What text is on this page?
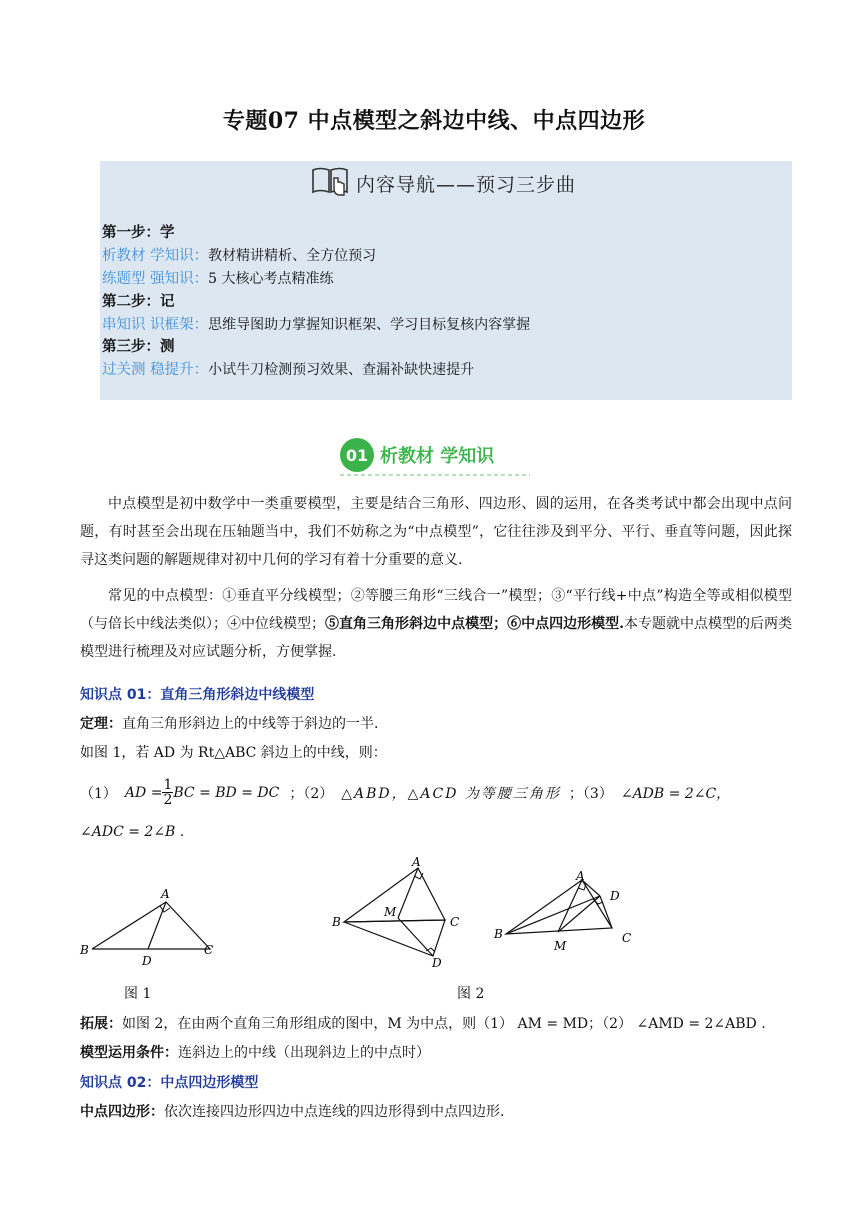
专题07 中点模型之斜边中线、中点四边形
内容导航——预习三步曲
第一步：学
析教材 学知识：教材精讲精析、全方位预习
练题型 强知识：5 大核心考点精准练
第二步：记
串知识 识框架：思维导图助力掌握知识框架、学习目标复核内容掌握
第三步：测
过关测 稳提升：小试牛刀检测预习效果、查漏补缺快速提升
01 析教材 学知识
中点模型是初中数学中一类重要模型，主要是结合三角形、四边形、圆的运用，在各类考试中都会出现中点问题，有时甚至会出现在压轴题当中，我们不妨称之为“中点模型”，它往往涉及到平分、平行、垂直等问题，因此探寻这类问题的解题规律对初中几何的学习有着十分重要的意义.
常见的中点模型：①垂直平分线模型；②等腰三角形“三线合一”模型；③“平行线+中点”构造全等或相似模型（与倍长中线法类似）；④中位线模型；⑤直角三角形斜边中点模型；⑥中点四边形模型.本专题就中点模型的后两类模型进行梳理及对应试题分析，方便掌握.
知识点 01：直角三角形斜边中线模型
定理：直角三角形斜边上的中线等于斜边的一半.
如图 1，若 AD 为 Rt△ABC 斜边上的中线，则：
（1） AD = $\frac{1}{2}$ BC = BD = DC ；（2） △ABD，△ACD 为等腰三角形 ；（3） ∠ADB = 2∠C，
∠ADC = 2∠B .
A
B	C
D
A
B	C
D
M
A
B	C
D
M
图 1	图 2
拓展：如图 2，在由两个直角三角形组成的图中，M 为中点，则（1） AM = MD；（2） ∠AMD = 2∠ABD .
模型运用条件：连斜边上的中线（出现斜边上的中点时）
知识点 02：中点四边形模型
中点四边形：依次连接四边形四边中点连线的四边形得到中点四边形.
